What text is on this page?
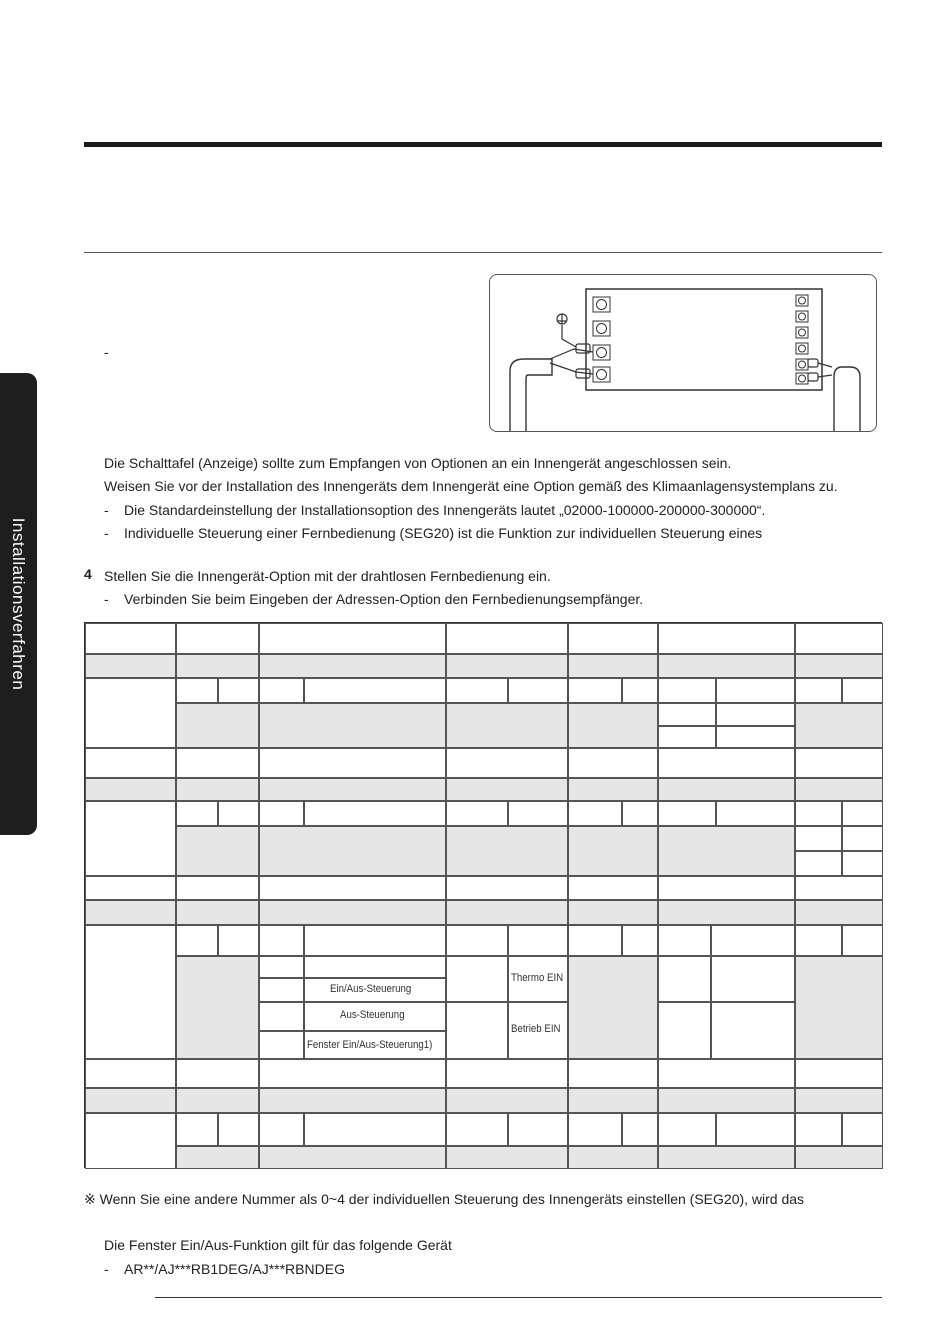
Installationsverfahren
-
Die Schalttafel (Anzeige) sollte zum Empfangen von Optionen an ein Innengerät angeschlossen sein.
Weisen Sie vor der Installation des Innengeräts dem Innengerät eine Option gemäß des Klimaanlagensystemplans zu.
- Die Standardeinstellung der Installationsoption des Innengeräts lautet „02000-100000-200000-300000“.
- Individuelle Steuerung einer Fernbedienung (SEG20) ist die Funktion zur individuellen Steuerung eines
4 Stellen Sie die Innengerät-Option mit der drahtlosen Fernbedienung ein.
- Verbinden Sie beim Eingeben der Adressen-Option den Fernbedienungsempfänger.
Ein/Aus-Steuerung
Aus-Steuerung
Fenster Ein/Aus-Steuerung1)
Thermo EIN
Betrieb EIN
※ Wenn Sie eine andere Nummer als 0~4 der individuellen Steuerung des Innengeräts einstellen (SEG20), wird das
Die Fenster Ein/Aus-Funktion gilt für das folgende Gerät
- AR**/AJ***RB1DEG/AJ***RBNDEG
